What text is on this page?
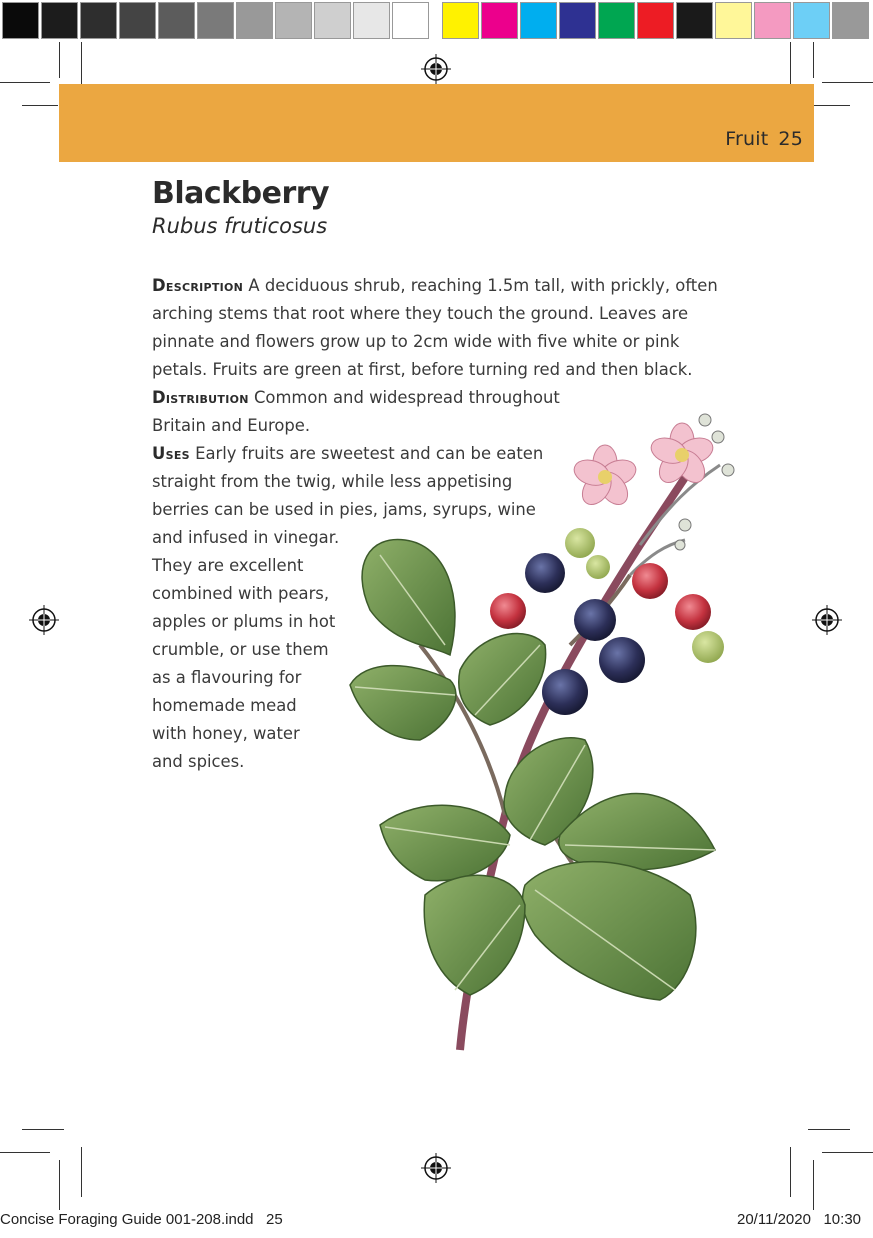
Fruit 25
Blackberry
Rubus fruticosus
Description A deciduous shrub, reaching 1.5m tall, with prickly, often
arching stems that root where they touch the ground. Leaves are
pinnate and flowers grow up to 2cm wide with five white or pink
petals. Fruits are green at first, before turning red and then black.
Distribution Common and widespread throughout
Britain and Europe.
Uses Early fruits are sweetest and can be eaten
straight from the twig, while less appetising
berries can be used in pies, jams, syrups, wine
and infused in vinegar.
They are excellent
combined with pears,
apples or plums in hot
crumble, or use them
as a flavouring for
homemade mead
with honey, water
and spices.
Concise Foraging Guide 001-208.indd   25	20/11/2020   10:30
